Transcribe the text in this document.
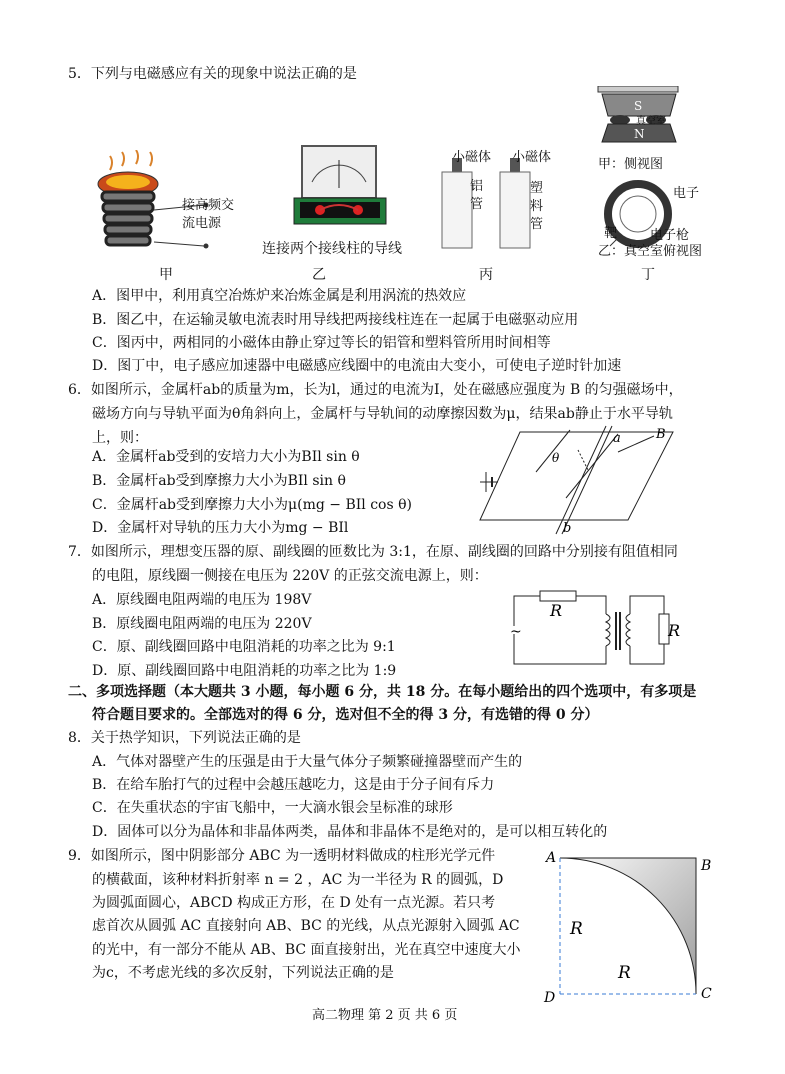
5．下列与电磁感应有关的现象中说法正确的是
接高频交
流电源
连接两个接线柱的导线
小磁体 小磁体
铝管
塑料管
S
N
真空室
甲：侧视图
电子
靶	电子枪
乙：真空室俯视图
甲	乙	丙	丁
A．图甲中，利用真空冶炼炉来冶炼金属是利用涡流的热效应
B．图乙中，在运输灵敏电流表时用导线把两接线柱连在一起属于电磁驱动应用
C．图丙中，两相同的小磁体由静止穿过等长的铝管和塑料管所用时间相等
D．图丁中，电子感应加速器中电磁感应线圈中的电流由大变小，可使电子逆时针加速
6．如图所示，金属杆ab的质量为m，长为l，通过的电流为I，处在磁感应强度为 B 的匀强磁场中，
磁场方向与导轨平面为θ角斜向上，金属杆与导轨间的动摩擦因数为μ，结果ab静止于水平导轨
上，则：
A．金属杆ab受到的安培力大小为BIl sin θ
B．金属杆ab受到摩擦力大小为BIl sin θ
C．金属杆ab受到摩擦力大小为μ(mg − BIl cos θ)
D．金属杆对导轨的压力大小为mg − BIl
a
b
B
θ
7．如图所示，理想变压器的原、副线圈的匝数比为 3:1，在原、副线圈的回路中分别接有阻值相同
的电阻，原线圈一侧接在电压为 220V 的正弦交流电源上，则：
A．原线圈电阻两端的电压为 198V
B．原线圈电阻两端的电压为 220V
C．原、副线圈回路中电阻消耗的功率之比为 9:1
D．原、副线圈回路中电阻消耗的功率之比为 1:9
~
R
R
二、多项选择题（本大题共 3 小题，每小题 6 分，共 18 分。在每小题给出的四个选项中，有多项是
符合题目要求的。全部选对的得 6 分，选对但不全的得 3 分，有选错的得 0 分）
8．关于热学知识，下列说法正确的是
A．气体对器壁产生的压强是由于大量气体分子频繁碰撞器壁而产生的
B．在给车胎打气的过程中会越压越吃力，这是由于分子间有斥力
C．在失重状态的宇宙飞船中，一大滴水银会呈标准的球形
D．固体可以分为晶体和非晶体两类，晶体和非晶体不是绝对的，是可以相互转化的
9．如图所示，图中阴影部分 ABC 为一透明材料做成的柱形光学元件
的横截面，该种材料折射率 n = 2 ，AC 为一半径为 R 的圆弧，D
为圆弧面圆心，ABCD 构成正方形，在 D 处有一点光源。若只考
虑首次从圆弧 AC 直接射向 AB、BC 的光线，从点光源射入圆弧 AC
的光中，有一部分不能从 AB、BC 面直接射出，光在真空中速度大小
为c，不考虑光线的多次反射，下列说法正确的是
A	B
C
D
R
R
高二物理 第 2 页 共 6 页
